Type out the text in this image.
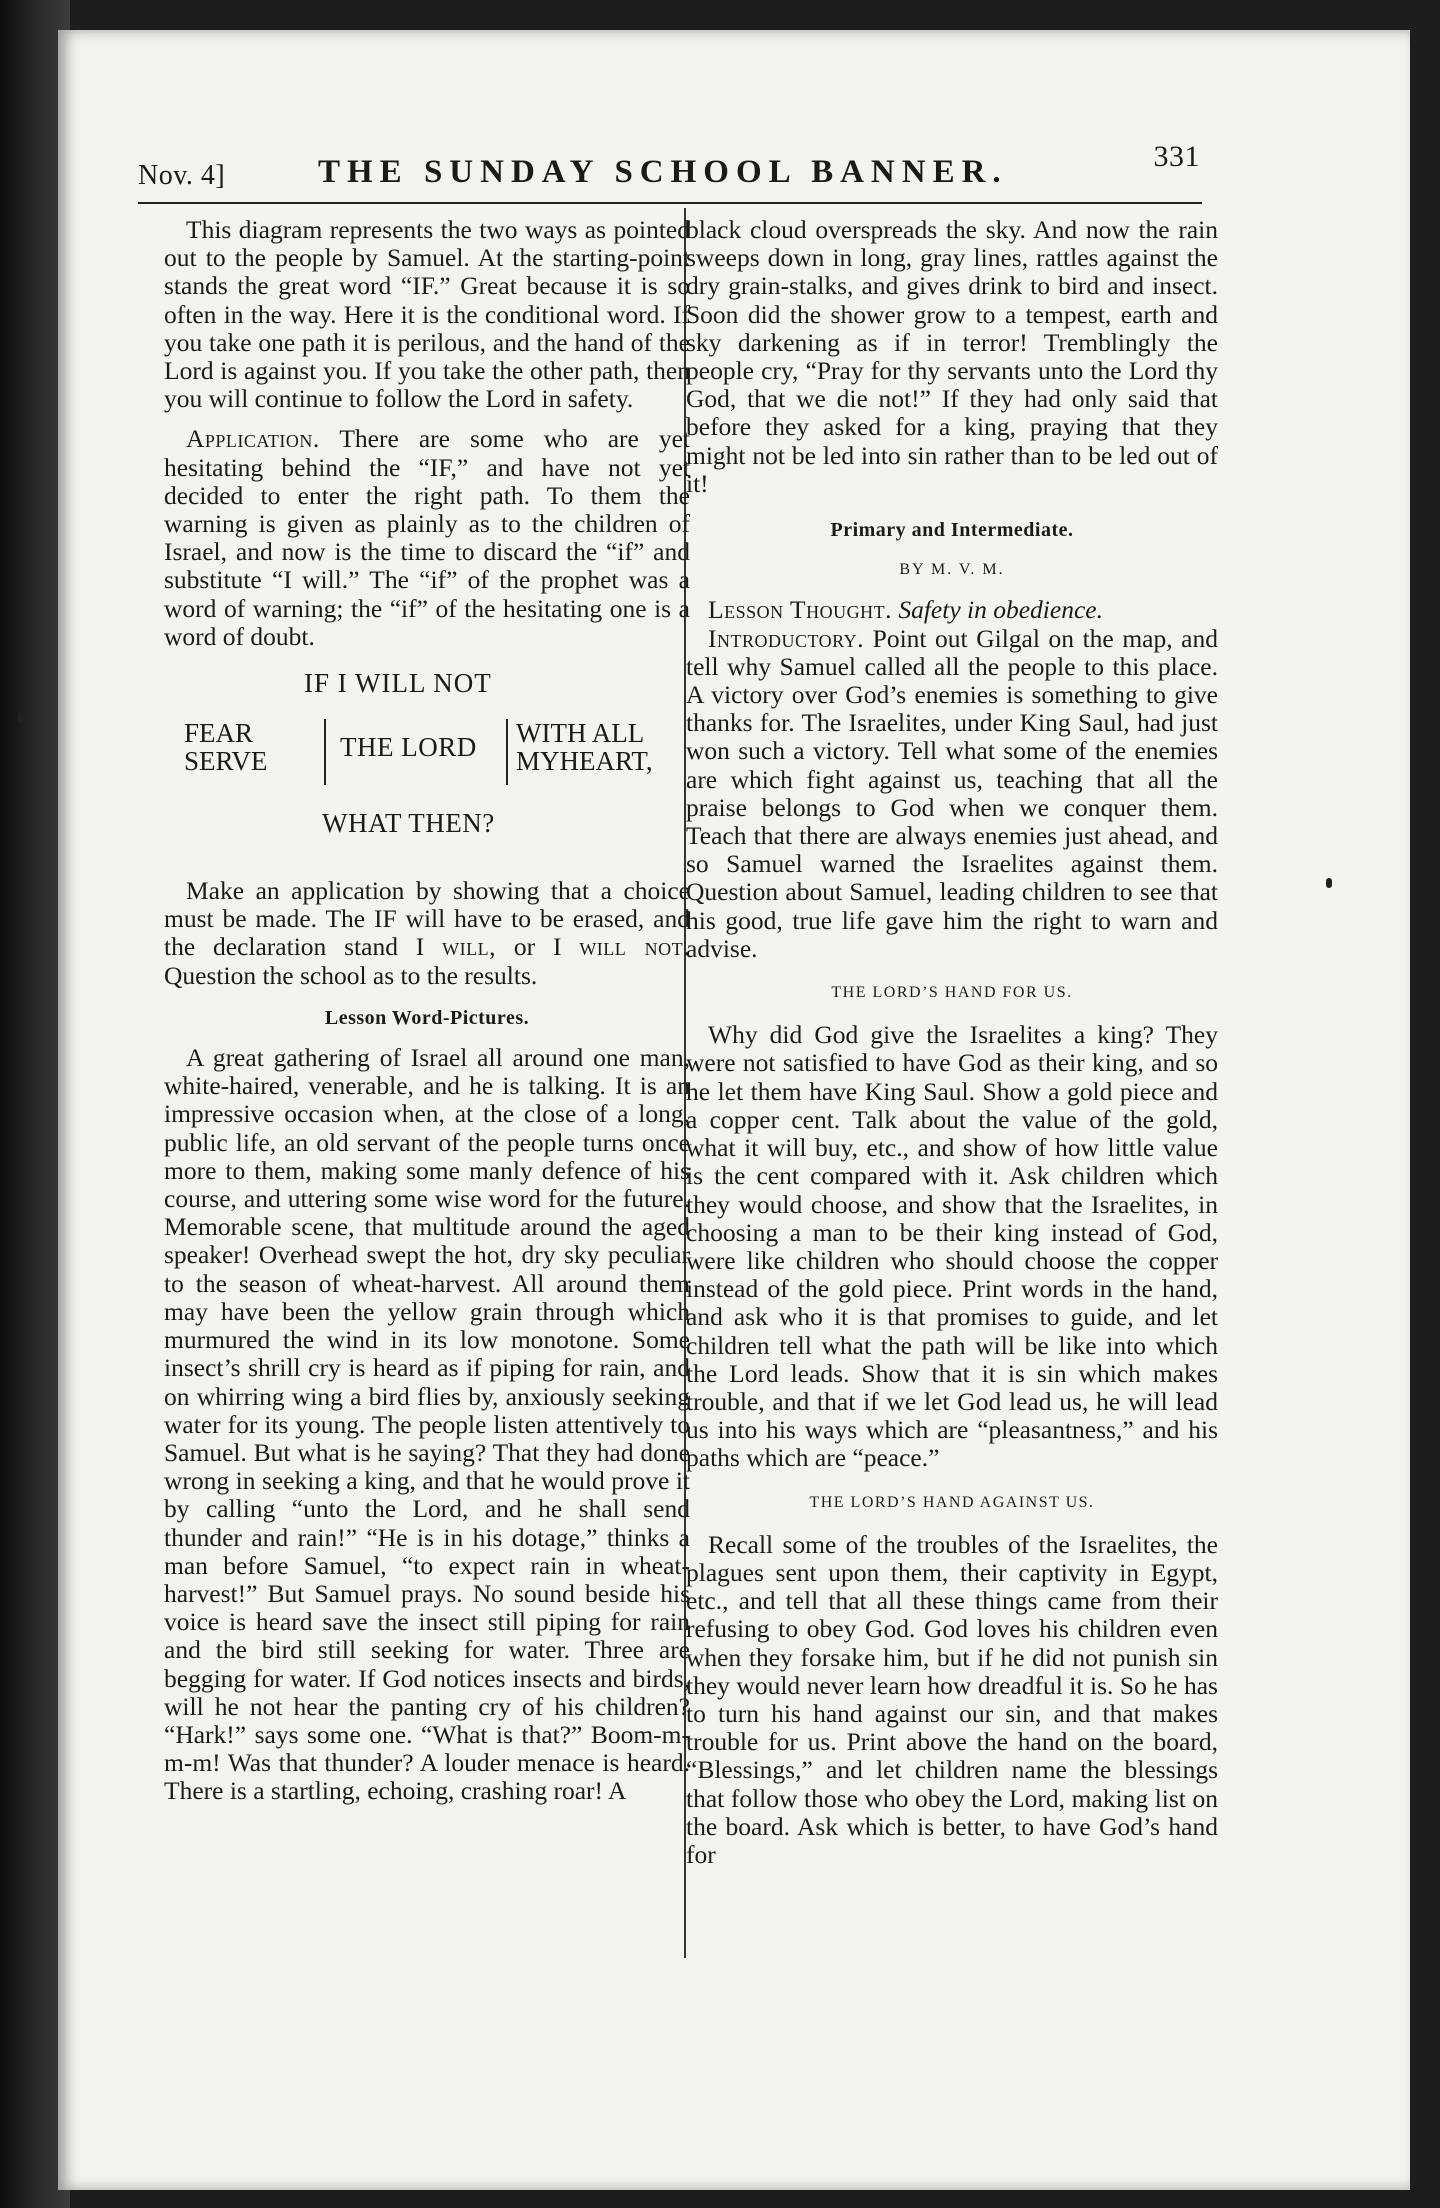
Nov. 4]	THE SUNDAY SCHOOL BANNER.	331

This diagram represents the two ways as pointed out to the people by Samuel. At the starting-point stands the great word “IF.” Great because it is so often in the way. Here it is the conditional word. If you take one path it is perilous, and the hand of the Lord is against you. If you take the other path, then you will continue to follow the Lord in safety.

Application. There are some who are yet hesitating behind the “IF,” and have not yet decided to enter the right path. To them the warning is given as plainly as to the children of Israel, and now is the time to discard the “if” and substitute “I will.” The “if” of the prophet was a word of warning; the “if” of the hesitating one is a word of doubt.

IF I WILL NOT
FEAR
SERVE	THE LORD WITH ALL
MYHEART,
WHAT THEN?

Make an application by showing that a choice must be made. The IF will have to be erased, and the declaration stand I will, or I will not. Question the school as to the results.

Lesson Word-Pictures.

A great gathering of Israel all around one man, white-haired, venerable, and he is talking. It is an impressive occasion when, at the close of a long, public life, an old servant of the people turns once more to them, making some manly defence of his course, and uttering some wise word for the future. Memorable scene, that multitude around the aged speaker! Overhead swept the hot, dry sky peculiar to the season of wheat-harvest. All around them may have been the yellow grain through which murmured the wind in its low monotone. Some insect’s shrill cry is heard as if piping for rain, and on whirring wing a bird flies by, anxiously seeking water for its young. The people listen attentively to Samuel. But what is he saying? That they had done wrong in seeking a king, and that he would prove it by calling “unto the Lord, and he shall send thunder and rain!” “He is in his dotage,” thinks a man before Samuel, “to expect rain in wheat-harvest!” But Samuel prays. No sound beside his voice is heard save the insect still piping for rain and the bird still seeking for water. Three are begging for water. If God notices insects and birds, will he not hear the panting cry of his children? “Hark!” says some one. “What is that?” Boom-m-m-m! Was that thunder? A louder menace is heard. There is a startling, echoing, crashing roar! A

black cloud overspreads the sky. And now the rain sweeps down in long, gray lines, rattles against the dry grain-stalks, and gives drink to bird and insect. Soon did the shower grow to a tempest, earth and sky darkening as if in terror! Tremblingly the people cry, “Pray for thy servants unto the Lord thy God, that we die not!” If they had only said that before they asked for a king, praying that they might not be led into sin rather than to be led out of it!

Primary and Intermediate.
BY M. V. M.

Lesson Thought. Safety in obedience.

Introductory. Point out Gilgal on the map, and tell why Samuel called all the people to this place. A victory over God’s enemies is something to give thanks for. The Israelites, under King Saul, had just won such a victory. Tell what some of the enemies are which fight against us, teaching that all the praise belongs to God when we conquer them. Teach that there are always enemies just ahead, and so Samuel warned the Israelites against them. Question about Samuel, leading children to see that his good, true life gave him the right to warn and advise.

THE LORD’S HAND FOR US.

Why did God give the Israelites a king? They were not satisfied to have God as their king, and so he let them have King Saul. Show a gold piece and a copper cent. Talk about the value of the gold, what it will buy, etc., and show of how little value is the cent compared with it. Ask children which they would choose, and show that the Israelites, in choosing a man to be their king instead of God, were like children who should choose the copper instead of the gold piece. Print words in the hand, and ask who it is that promises to guide, and let children tell what the path will be like into which the Lord leads. Show that it is sin which makes trouble, and that if we let God lead us, he will lead us into his ways which are “pleasantness,” and his paths which are “peace.”

THE LORD’S HAND AGAINST US.

Recall some of the troubles of the Israelites, the plagues sent upon them, their captivity in Egypt, etc., and tell that all these things came from their refusing to obey God. God loves his children even when they forsake him, but if he did not punish sin they would never learn how dreadful it is. So he has to turn his hand against our sin, and that makes trouble for us. Print above the hand on the board, “Blessings,” and let children name the blessings that follow those who obey the Lord, making list on the board. Ask which is better, to have God’s hand for
